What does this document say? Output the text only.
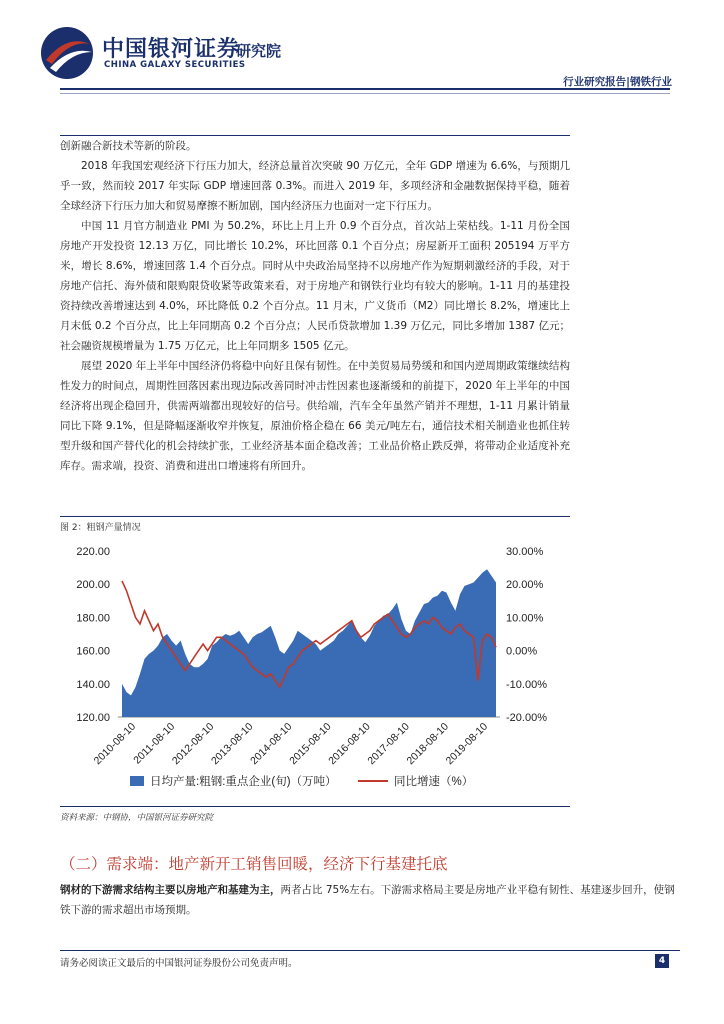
中国银河证券
研究院
CHINA GALAXY SECURITIES
行业研究报告|钢铁行业

创新融合新技术等新的阶段。

2018 年我国宏观经济下行压力加大，经济总量首次突破 90 万亿元，全年 GDP 增速为 6.6%，与预期几乎一致，然而较 2017 年实际 GDP 增速回落 0.3%。而进入 2019 年，多项经济和金融数据保持平稳，随着全球经济下行压力加大和贸易摩擦不断加剧，国内经济压力也面对一定下行压力。

中国 11 月官方制造业 PMI 为 50.2%，环比上月上升 0.9 个百分点，首次站上荣枯线。1-11 月份全国房地产开发投资 12.13 万亿，同比增长 10.2%，环比回落 0.1 个百分点；房屋新开工面积 205194 万平方米，增长 8.6%，增速回落 1.4 个百分点。同时从中央政治局坚持不以房地产作为短期刺激经济的手段，对于房地产信托、海外债和限购限贷收紧等政策来看，对于房地产和钢铁行业均有较大的影响。1-11 月的基建投资持续改善增速达到 4.0%，环比降低 0.2 个百分点。11 月末，广义货币（M2）同比增长 8.2%，增速比上月末低 0.2 个百分点，比上年同期高 0.2 个百分点；人民币贷款增加 1.39 万亿元，同比多增加 1387 亿元；社会融资规模增量为 1.75 万亿元，比上年同期多 1505 亿元。

展望 2020 年上半年中国经济仍将稳中向好且保有韧性。在中美贸易局势缓和和国内逆周期政策继续结构性发力的时间点，周期性回落因素出现边际改善同时冲击性因素也逐渐缓和的前提下，2020 年上半年的中国经济将出现企稳回升，供需两端都出现较好的信号。供给端，汽车全年虽然产销并不理想，1-11 月累计销量同比下降 9.1%，但是降幅逐渐收窄并恢复，原油价格企稳在 66 美元/吨左右，通信技术相关制造业也抓住转型升级和国产替代化的机会持续扩张，工业经济基本面企稳改善；工业品价格止跌反弹，将带动企业适度补充库存。需求端，投资、消费和进出口增速将有所回升。

图 2：粗钢产量情况
120.00
140.00
160.00
180.00
200.00
220.00
-20.00%
-10.00%
0.00%
10.00%
20.00%
30.00%
2010-08-10
2011-08-10
2012-08-10
2013-08-10
2014-08-10
2015-08-10
2016-08-10
2017-08-10
2018-08-10
2019-08-10
日均产量:粗钢:重点企业(旬)（万吨）	同比增速（%）
资料来源：中钢协，中国银河证券研究院
（二）需求端：地产新开工销售回暖，经济下行基建托底
钢材的下游需求结构主要以房地产和基建为主，两者占比 75%左右。下游需求格局主要是房地产业平稳有韧性、基建逐步回升，使钢铁下游的需求超出市场预期。
请务必阅读正文最后的中国银河证券股份公司免责声明。	4
